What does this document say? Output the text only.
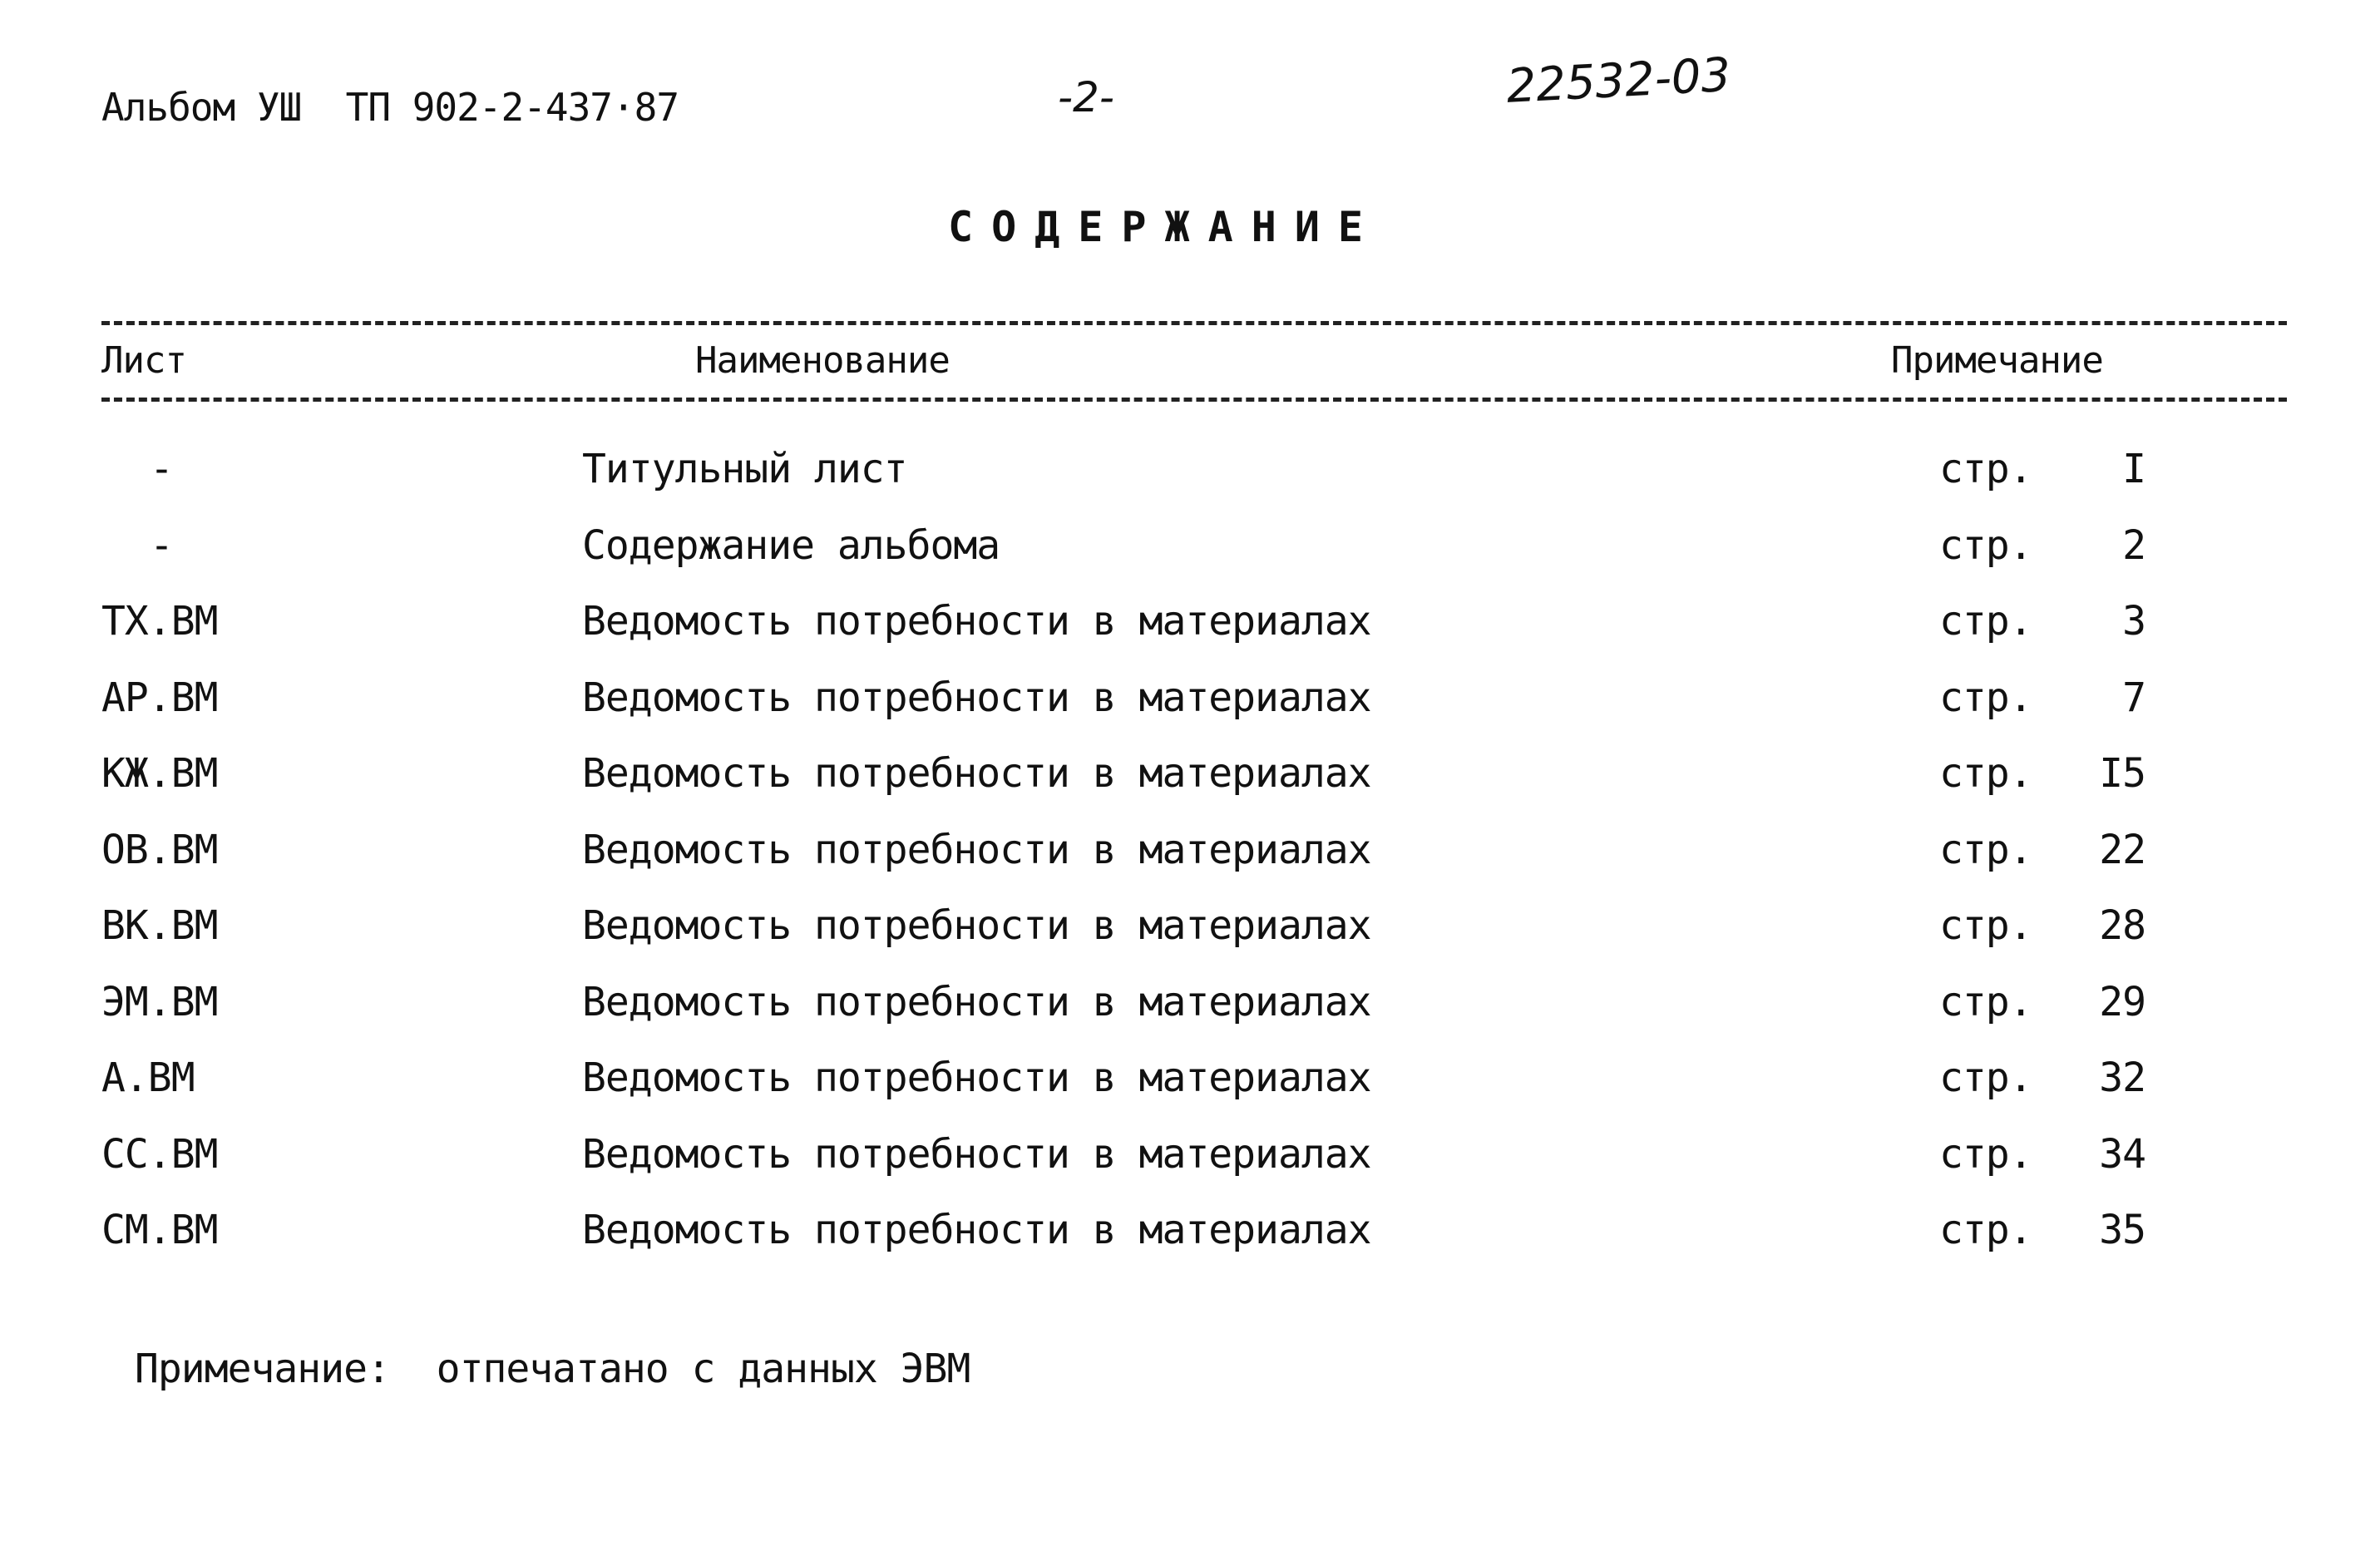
Альбом УШ  ТП 902-2-437·87	-2-	22532-03
СОДЕРЖАНИЕ
Лист	Наименование	Примечание
-	Титульный лист	стр.	I
-	Содержание альбома	стр.	2
ТХ.ВМ	Ведомость потребности в материалах	стр.	3
АР.ВМ	Ведомость потребности в материалах	стр.	7
КЖ.ВМ	Ведомость потребности в материалах	стр.	I5
ОВ.ВМ	Ведомость потребности в материалах	стр.	22
ВК.ВМ	Ведомость потребности в материалах	стр.	28
ЭМ.ВМ	Ведомость потребности в материалах	стр.	29
А.ВМ	Ведомость потребности в материалах	стр.	32
СС.ВМ	Ведомость потребности в материалах	стр.	34
СМ.ВМ	Ведомость потребности в материалах	стр.	35
Примечание:  отпечатано с данных ЭВМ
